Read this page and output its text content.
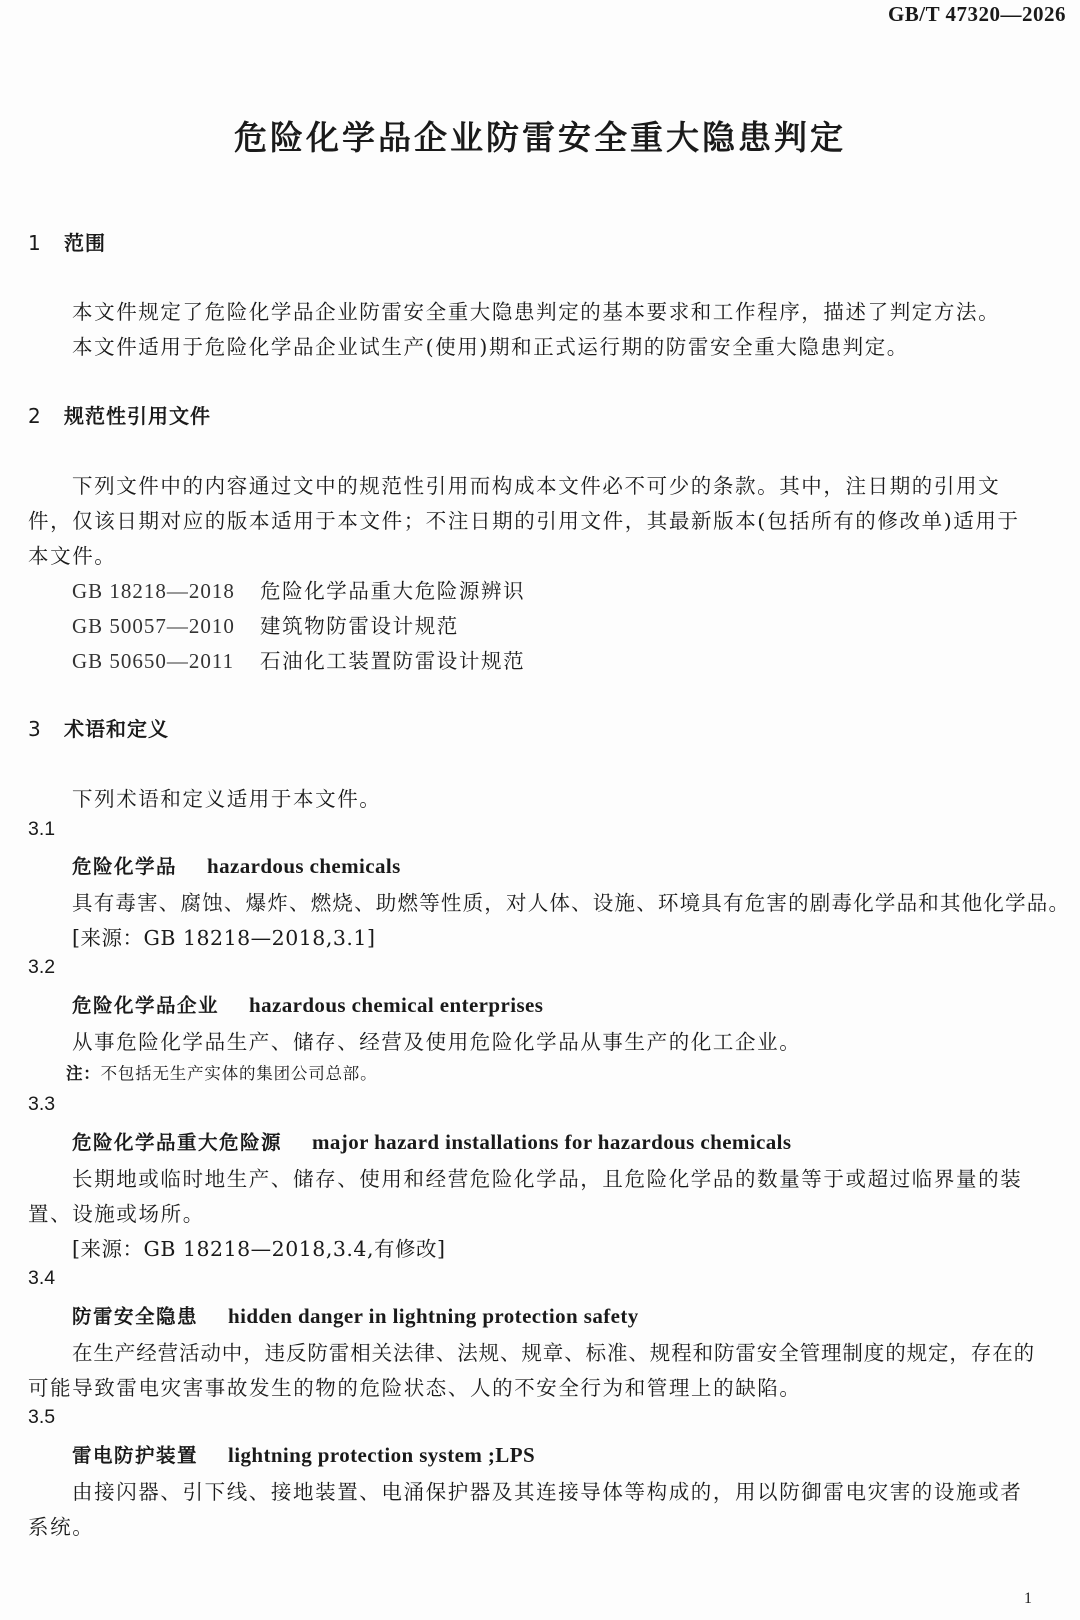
GB/T 47320—2026
危险化学品企业防雷安全重大隐患判定
1 范围
本文件规定了危险化学品企业防雷安全重大隐患判定的基本要求和工作程序，描述了判定方法。
本文件适用于危险化学品企业试生产(使用)期和正式运行期的防雷安全重大隐患判定。
2 规范性引用文件
下列文件中的内容通过文中的规范性引用而构成本文件必不可少的条款。其中，注日期的引用文
件，仅该日期对应的版本适用于本文件；不注日期的引用文件，其最新版本(包括所有的修改单)适用于
本文件。
GB 18218—2018 危险化学品重大危险源辨识
GB 50057—2010 建筑物防雷设计规范
GB 50650—2011 石油化工装置防雷设计规范
3 术语和定义
下列术语和定义适用于本文件。
3.1
危险化学品 hazardous chemicals
具有毒害、腐蚀、爆炸、燃烧、助燃等性质，对人体、设施、环境具有危害的剧毒化学品和其他化学品。
[来源：GB 18218—2018,3.1]
3.2
危险化学品企业 hazardous chemical enterprises
从事危险化学品生产、储存、经营及使用危险化学品从事生产的化工企业。
注：不包括无生产实体的集团公司总部。
3.3
危险化学品重大危险源 major hazard installations for hazardous chemicals
长期地或临时地生产、储存、使用和经营危险化学品，且危险化学品的数量等于或超过临界量的装
置、设施或场所。
[来源：GB 18218—2018,3.4,有修改]
3.4
防雷安全隐患 hidden danger in lightning protection safety
在生产经营活动中，违反防雷相关法律、法规、规章、标准、规程和防雷安全管理制度的规定，存在的
可能导致雷电灾害事故发生的物的危险状态、人的不安全行为和管理上的缺陷。
3.5
雷电防护装置 lightning protection system ;LPS
由接闪器、引下线、接地装置、电涌保护器及其连接导体等构成的，用以防御雷电灾害的设施或者
系统。
1
